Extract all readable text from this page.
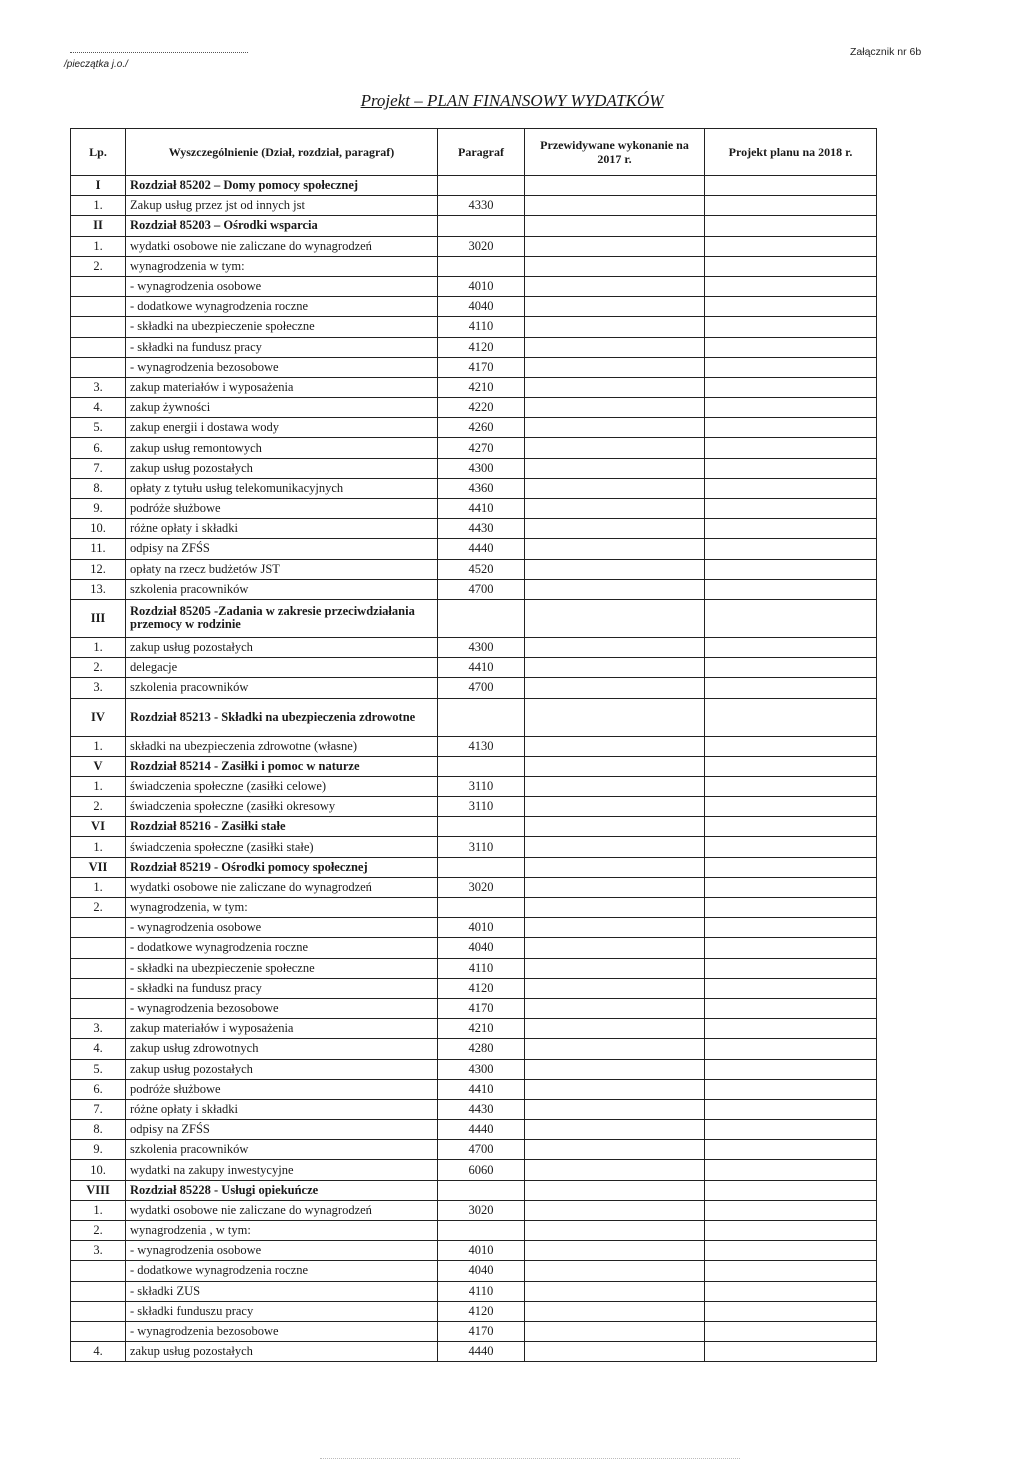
/pieczątka j.o./
Załącznik nr 6b
Projekt – PLAN FINANSOWY WYDATKÓW
Lp.	Wyszczególnienie (Dział, rozdział, paragraf)	Paragraf	Przewidywane wykonanie na 2017 r.	Projekt planu na 2018 r.
I	Rozdział 85202 – Domy pomocy społecznej			
1.	Zakup usług przez jst od innych jst	4330		
II	Rozdział 85203 – Ośrodki wsparcia			
1.	wydatki osobowe nie zaliczane do wynagrodzeń	3020		
2.	wynagrodzenia w tym:			
	- wynagrodzenia osobowe	4010		
	- dodatkowe wynagrodzenia roczne	4040		
	- składki na ubezpieczenie społeczne	4110		
	- składki na fundusz pracy	4120		
	- wynagrodzenia bezosobowe	4170		
3.	zakup materiałów i wyposażenia	4210		
4.	zakup żywności	4220		
5.	zakup energii i dostawa wody	4260		
6.	zakup usług remontowych	4270		
7.	zakup usług pozostałych	4300		
8.	opłaty z tytułu usług telekomunikacyjnych	4360		
9.	podróże służbowe	4410		
10.	różne opłaty i składki	4430		
11.	odpisy na ZFŚS	4440		
12.	opłaty na rzecz budżetów JST	4520		
13.	szkolenia pracowników	4700		
III	Rozdział 85205 -Zadania w zakresie przeciwdziałania przemocy w rodzinie			
1.	zakup usług pozostałych	4300		
2.	delegacje	4410		
3.	szkolenia pracowników	4700		
IV	Rozdział 85213 - Składki na ubezpieczenia zdrowotne			
1.	składki na ubezpieczenia zdrowotne (własne)	4130		
V	Rozdział 85214 - Zasiłki i pomoc w naturze			
1.	świadczenia społeczne (zasiłki celowe)	3110		
2.	świadczenia społeczne (zasiłki okresowy	3110		
VI	Rozdział 85216 - Zasiłki stałe			
1.	świadczenia społeczne (zasiłki stałe)	3110		
VII	Rozdział 85219 - Ośrodki pomocy społecznej			
1.	wydatki osobowe nie zaliczane do wynagrodzeń	3020		
2.	wynagrodzenia, w tym:			
	- wynagrodzenia osobowe	4010		
	- dodatkowe wynagrodzenia roczne	4040		
	- składki na ubezpieczenie społeczne	4110		
	- składki na fundusz pracy	4120		
	- wynagrodzenia bezosobowe	4170		
3.	zakup materiałów i wyposażenia	4210		
4.	zakup usług zdrowotnych	4280		
5.	zakup usług pozostałych	4300		
6.	podróże służbowe	4410		
7.	różne opłaty i składki	4430		
8.	odpisy na ZFŚS	4440		
9.	szkolenia pracowników	4700		
10.	wydatki na zakupy inwestycyjne	6060		
VIII	Rozdział 85228 - Usługi opiekuńcze			
1.	wydatki osobowe nie zaliczane do wynagrodzeń	3020		
2.	wynagrodzenia , w tym:			
3.	- wynagrodzenia osobowe	4010		
	- dodatkowe wynagrodzenia roczne	4040		
	- składki ZUS	4110		
	- składki funduszu pracy	4120		
	- wynagrodzenia bezosobowe	4170		
4.	zakup usług pozostałych	4440		
